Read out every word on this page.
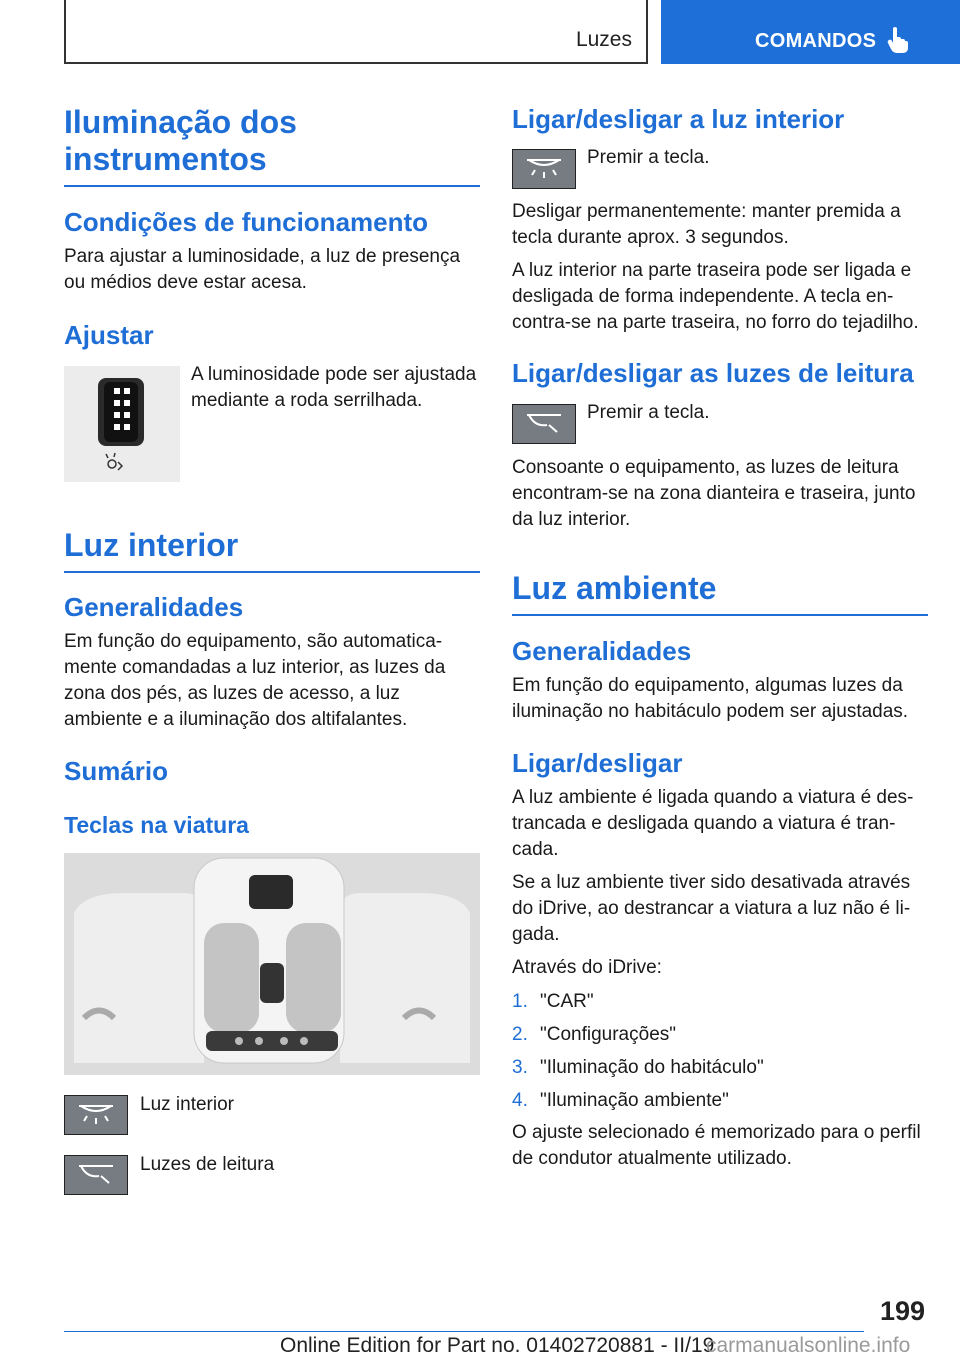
Luzes	COMANDOS
Iluminação dos instrumentos
Condições de funcionamento

Para ajustar a luminosidade, a luz de presença ou médios deve estar acesa.

Ajustar

A luminosidade pode ser ajustada mediante a roda serrilhada.

Luz interior
Generalidades

Em função do equipamento, são automatica-mente comandadas a luz interior, as luzes da zona dos pés, as luzes de acesso, a luz ambiente e a iluminação dos altifalantes.

Sumário
Teclas na viatura

Luz interior

Luzes de leitura

Ligar/desligar a luz interior

Premir a tecla.

Desligar permanentemente: manter premida a tecla durante aprox. 3 segundos.

A luz interior na parte traseira pode ser ligada e desligada de forma independente. A tecla en-contra-se na parte traseira, no forro do tejadilho.

Ligar/desligar as luzes de leitura

Premir a tecla.

Consoante o equipamento, as luzes de leitura encontram-se na zona dianteira e traseira, junto da luz interior.

Luz ambiente
Generalidades

Em função do equipamento, algumas luzes da iluminação no habitáculo podem ser ajustadas.

Ligar/desligar

A luz ambiente é ligada quando a viatura é des-trancada e desligada quando a viatura é tran-cada.

Se a luz ambiente tiver sido desativada através do iDrive, ao destrancar a viatura a luz não é li-gada.

Através do iDrive:

1. "CAR"
2. "Configurações"
3. "Iluminação do habitáculo"
4. "Iluminação ambiente"

O ajuste selecionado é memorizado para o perfil de condutor atualmente utilizado.

199
Online Edition for Part no. 01402720881 - II/19
carmanualsonline.info
